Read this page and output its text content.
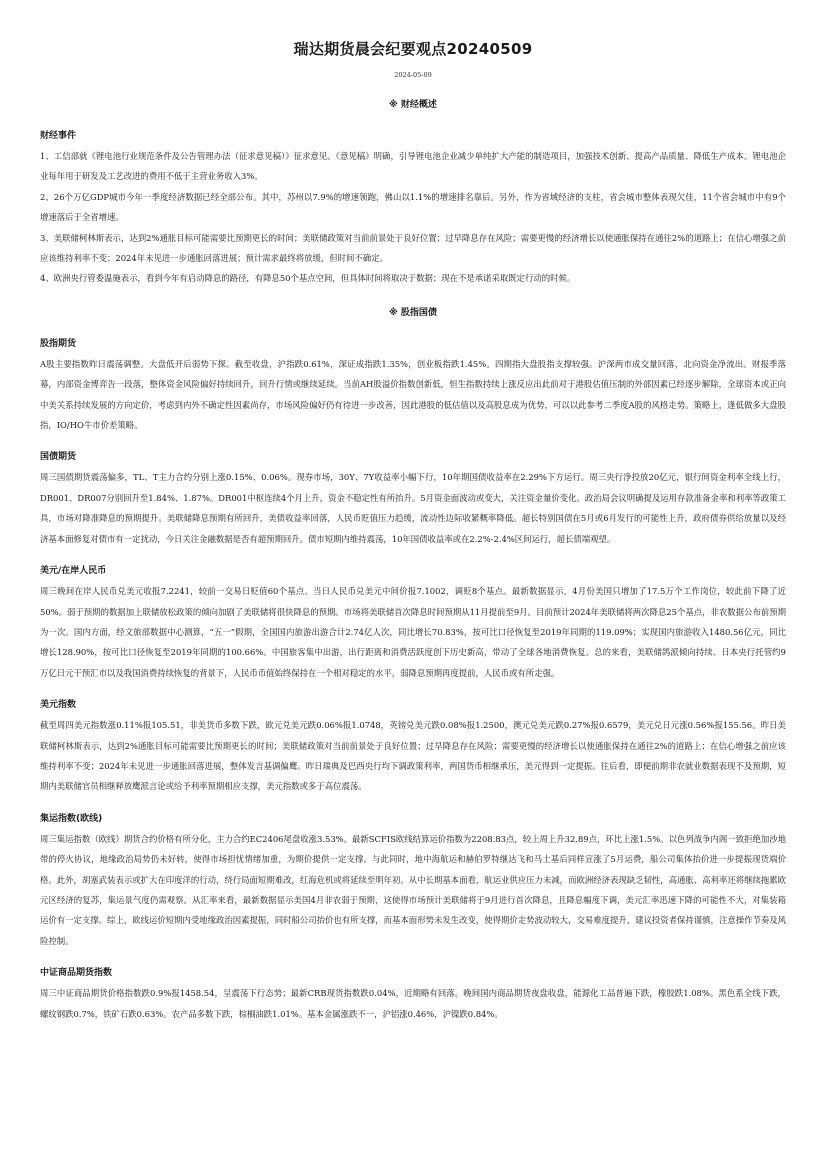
瑞达期货晨会纪要观点20240509
2024-05-09
※ 财经概述
财经事件

1、工信部就《锂电池行业规范条件及公告管理办法（征求意见稿）》征求意见。《意见稿》明确，引导锂电池企业减少单纯扩大产能的制造项目，加强技术创新、提高产品质量、降低生产成本。锂电池企业每年用于研发及工艺改进的费用不低于主营业务收入3%。

2、26个万亿GDP城市今年一季度经济数据已经全部公布。其中，苏州以7.9%的增速领跑，佛山以1.1%的增速排名靠后。另外，作为省域经济的支柱，省会城市整体表现欠佳，11个省会城市中有9个增速落后于全省增速。

3、美联储柯林斯表示，达到2%通胀目标可能需要比预期更长的时间；美联储政策对当前前景处于良好位置；过早降息存在风险；需要更慢的经济增长以使通胀保持在通往2%的道路上；在信心增强之前应该维持利率不变；2024年未见进一步通胀回落进展；预计需求最终将放缓，但时间不确定。

4、欧洲央行管委温施表示，看到今年有启动降息的路径，有降息50个基点空间，但具体时间将取决于数据；现在不是承诺采取既定行动的时候。

※ 股指国债
股指期货

A股主要指数昨日震荡调整。大盘低开后弱势下探。截至收盘，沪指跌0.61%，深证成指跌1.35%，创业板指跌1.45%。四期指大盘股指支撑较强。沪深两市成交量回落，北向资金净流出。财报季落幕，内部资金博弈告一段落，整体资金风险偏好持续回升，回升行情或继续延续。当前AH股溢价指数创新低，恒生指数持续上涨反应出此前对于港股估值压制的外部因素已经逐步解除，全球资本或正向中美关系持续发展的方向定价，考虑到内外不确定性因素尚存，市场风险偏好仍有待进一步改善，因此港股的低估值以及高股息成为优势，可以以此参考二季度A股的风格走势。策略上，逢低做多大盘股指，IO/HO牛市价差策略。

国债期货

周三国债期货震荡偏多，TL、T主力合约分别上涨0.15%、0.06%。现券市场，30Y、7Y收益率小幅下行，10年期国债收益率在2.29%下方运行。周三央行净投放20亿元，银行间资金利率全线上行，DR001、DR007分别回升至1.84%、1.87%。DR001中枢连续4个月上升，资金不稳定性有所抬升。5月资金面波动或变大，关注资金量价变化。政治局会议明确提及运用存款准备金率和利率等政策工具，市场对降准降息的预期提升。美联储降息预期有所回升，美债收益率回落，人民币贬值压力趋缓，流动性边际收紧概率降低。超长特别国债在5月或6月发行的可能性上升，政府债券供给放量以及经济基本面修复对债市有一定扰动，今日关注金融数据是否有超预期回升。债市短期内维持震荡，10年国债收益率或在2.2%-2.4%区间运行，超长债端观望。

美元/在岸人民币

周三晚间在岸人民币兑美元收报7.2241，较前一交易日贬值60个基点。当日人民币兑美元中间价报7.1002，调贬8个基点。最新数据显示，4月份美国只增加了17.5万个工作岗位，较此前下降了近50%。弱于预期的数据加上联储放松政策的倾向加剧了美联储将很快降息的预期。市场将美联储首次降息时间预期从11月提前至9月。目前预计2024年美联储将两次降息25个基点，非农数据公布前预期为一次。国内方面，经文旅部数据中心测算，“五一”假期，全国国内旅游出游合计2.74亿人次，同比增长70.83%，按可比口径恢复至2019年同期的119.09%；实现国内旅游收入1480.56亿元，同比增长128.90%，按可比口径恢复至2019年同期的100.66%。中国旅客集中出游，出行距离和消费活跃度创下历史新高，带动了全球各地消费恢复。总的来看，美联储鸽派倾向持续、日本央行托管约9万亿日元干预汇市以及我国消费持续恢复的背景下，人民币币值始终保持在一个相对稳定的水平，弱降息预期再度提前，人民币或有所走强。

美元指数

截至周四美元指数涨0.11%报105.51，非美货币多数下跌，欧元兑美元跌0.06%报1.0748，英镑兑美元跌0.08%报1.2500，澳元兑美元跌0.27%报0.6579，美元兑日元涨0.56%报155.56。昨日美联储柯林斯表示，达到2%通胀目标可能需要比预期更长的时间；美联储政策对当前前景处于良好位置；过早降息存在风险；需要更慢的经济增长以使通胀保持在通往2%的道路上；在信心增强之前应该维持利率不变；2024年未见进一步通胀回落进展，整体发言基调偏鹰。昨日瑞典及巴西央行均下调政策利率，两国货币相继承压，美元得到一定提振。往后看，即便前期非农就业数据表现不及预期，短期内美联储官员相继释放鹰派言论或给予利率预期相应支撑，美元指数或多于高位震荡。

集运指数(欧线)

周三集运指数（欧线）期货合约价格有所分化，主力合约EC2406尾盘收涨3.53%。最新SCFIS欧线结算运价指数为2208.83点，较上周上升32.89点，环比上涨1.5%。以色列战争内阁一致拒绝加沙地带的停火协议，地缘政治局势仍未好转，使得市场担忧情绪加重，为期价提供一定支撑。与此同时，地中海航运和赫伯罗特继达飞和马士基后同样宣涨了5月运费，船公司集体抬价进一步提振现货端价格。此外，胡塞武装表示或扩大在印度洋的行动，绕行局面短期难改，红海危机或将延续至明年初。从中长期基本面看，航运业供应压力未减，而欧洲经济表现缺乏韧性，高通胀、高利率还将继续拖累欧元区经济的复苏，集运景气度仍需观察。从汇率来看，最新数据显示美国4月非农弱于预期，这使得市场预计美联储将于9月进行首次降息，且降息幅度下调，美元汇率迅速下降的可能性不大，对集装箱运价有一定支撑。综上，欧线运价短期内受地缘政治因素提振，同时船公司抬价也有所支撑，而基本面形势未发生改变，使得期价走势波动较大，交易难度提升，建议投资者保持谨慎，注意操作节奏及风险控制。

中证商品期货指数

周三中证商品期货价格指数跌0.9%报1458.54，呈震荡下行态势；最新CRB现货指数跌0.04%，近期略有回落。晚间国内商品期货夜盘收盘，能源化工品普遍下跌，橡胶跌1.08%。黑色系全线下跌，螺纹钢跌0.7%，铁矿石跌0.63%。农产品多数下跌，棕榈油跌1.01%。基本金属涨跌不一，沪铝涨0.46%，沪镍跌0.84%。
